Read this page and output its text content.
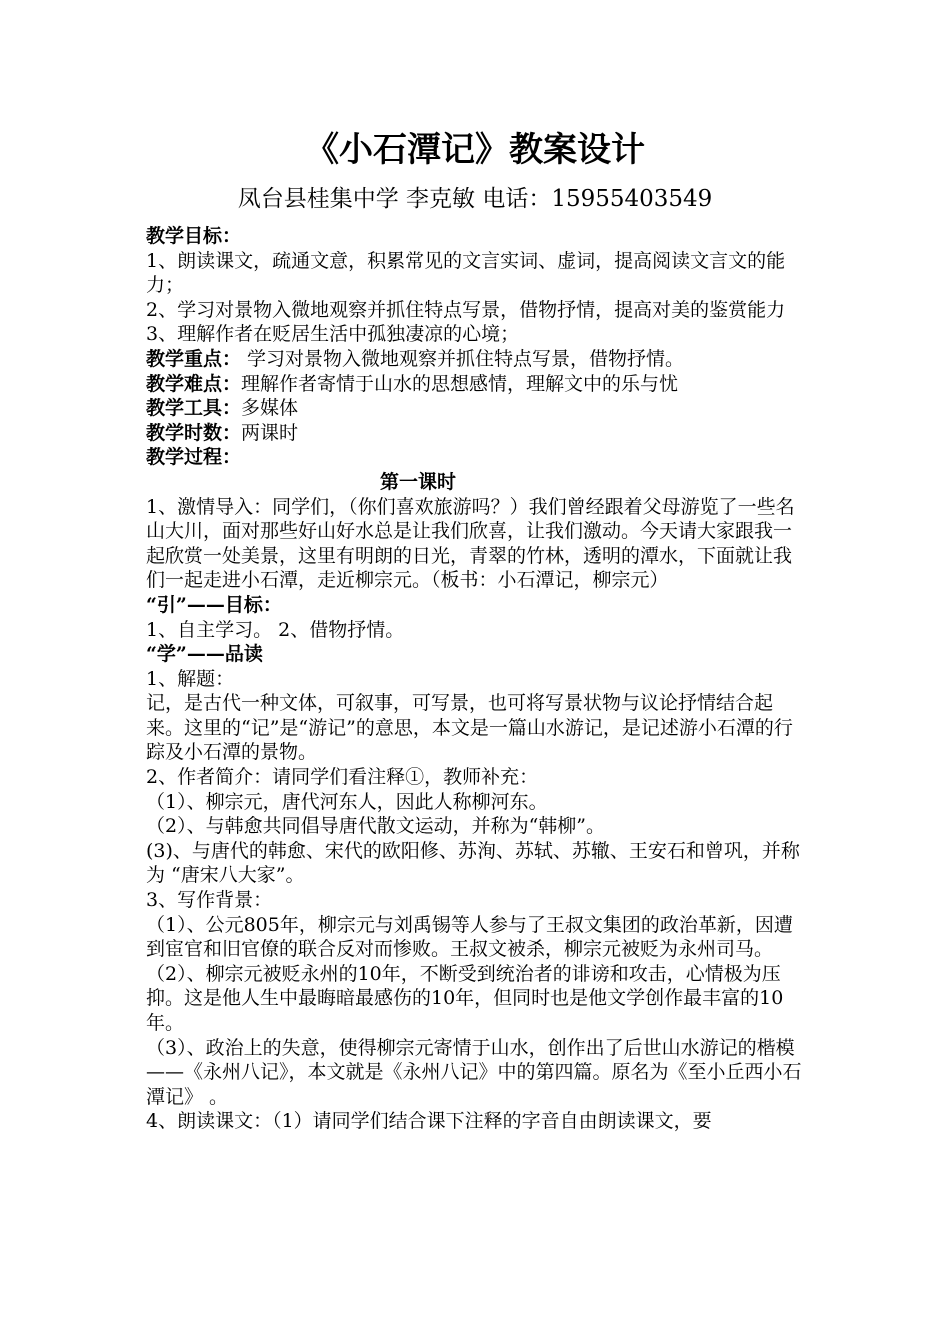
《小石潭记》教案设计
凤台县桂集中学 李克敏 电话：15955403549

教学目标：

1、朗读课文，疏通文意，积累常见的文言实词、虚词，提高阅读文言文的能力；

2、学习对景物入微地观察并抓住特点写景，借物抒情，提高对美的鉴赏能力

3、理解作者在贬居生活中孤独凄凉的心境；

教学重点： 学习对景物入微地观察并抓住特点写景，借物抒情。

教学难点：理解作者寄情于山水的思想感情，理解文中的乐与忧

教学工具：多媒体

教学时数：两课时

教学过程：

第一课时

1、激情导入：同学们，（你们喜欢旅游吗？）我们曾经跟着父母游览了一些名山大川，面对那些好山好水总是让我们欣喜，让我们激动。今天请大家跟我一起欣赏一处美景，这里有明朗的日光，青翠的竹林，透明的潭水，下面就让我们一起走进小石潭，走近柳宗元。（板书：小石潭记，柳宗元）

“引”——目标：

1、自主学习。 2、借物抒情。

“学”——品读

1、解题：

记，是古代一种文体，可叙事，可写景，也可将写景状物与议论抒情结合起来。这里的“记”是“游记”的意思，本文是一篇山水游记，是记述游小石潭的行踪及小石潭的景物。

2、作者简介：请同学们看注释①，教师补充：

（1）、柳宗元，唐代河东人，因此人称柳河东。

（2）、与韩愈共同倡导唐代散文运动，并称为“韩柳”。

(3)、与唐代的韩愈、宋代的欧阳修、苏洵、苏轼、苏辙、王安石和曾巩，并称为 “唐宋八大家”。

3、写作背景：

（1）、公元805年，柳宗元与刘禹锡等人参与了王叔文集团的政治革新，因遭到宦官和旧官僚的联合反对而惨败。王叔文被杀，柳宗元被贬为永州司马。

（2）、柳宗元被贬永州的10年，不断受到统治者的诽谤和攻击，心情极为压抑。这是他人生中最晦暗最感伤的10年，但同时也是他文学创作最丰富的10年。

（3）、政治上的失意，使得柳宗元寄情于山水，创作出了后世山水游记的楷模——《永州八记》，本文就是《永州八记》中的第四篇。原名为《至小丘西小石潭记》 。

4、朗读课文：（1）请同学们结合课下注释的字音自由朗读课文，要
